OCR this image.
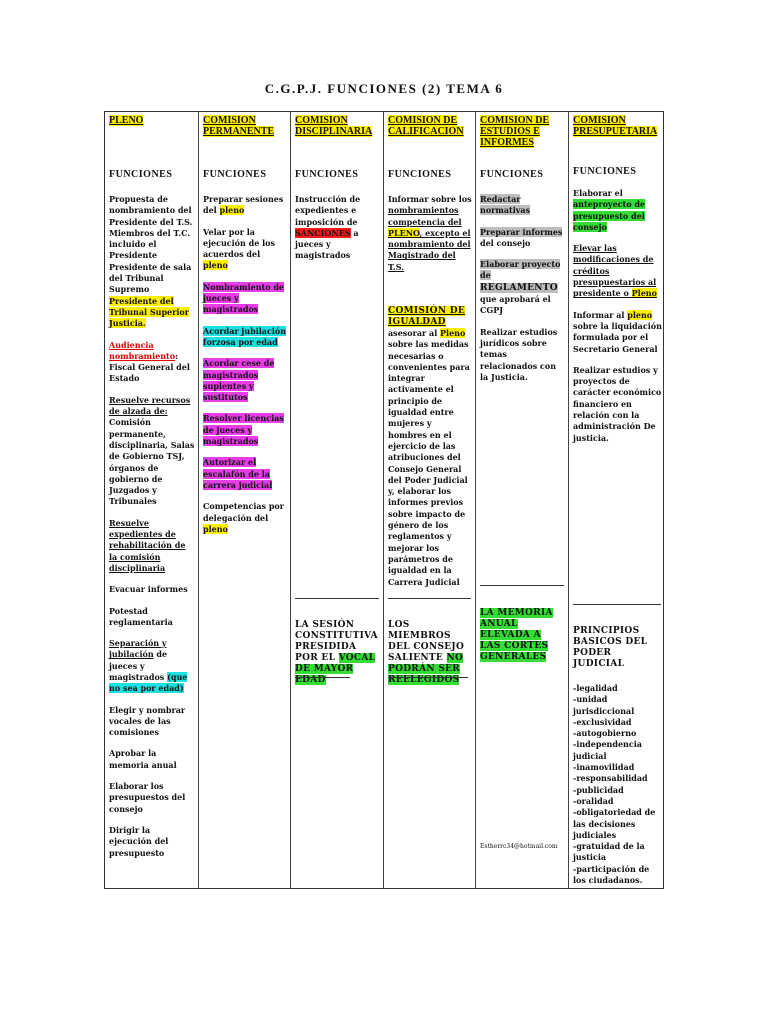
C.G.P.J. FUNCIONES (2) TEMA 6
PLENO
FUNCIONES

Propuesta de nombramiento del Presidente del T.S. Miembros del T.C. incluido el Presidente Presidente de sala del Tribunal Supremo
Presidente del Tribunal Superior Justicia.

Audiencia nombramiento: Fiscal General del Estado

Resuelve recursos de alzada de: Comisión permanente, disciplinaria, Salas de Gobierno TSJ, órganos de gobierno de Juzgados y Tribunales

Resuelve expedientes de rehabilitación de la comisión disciplinaria

Evacuar informes

Potestad reglamentaria

Separación y jubilación de jueces y magistrados (que no sea por edad)

Elegir y nombrar vocales de las comisiones

Aprobar la memoria anual

Elaborar los presupuestos del consejo

Dirigir la ejecución del presupuesto

COMISION PERMANENTE
FUNCIONES

Preparar sesiones del pleno

Velar por la ejecución de los acuerdos del pleno

Nombramiento de jueces y magistrados

Acordar jubilación forzosa por edad

Acordar cese de magistrados suplentes y sustitutos

Resolver licencias de jueces y magistrados

Autorizar el escalafón de la carrera judicial

Competencias por delegación del pleno

COMISION DISCIPLINARIA
FUNCIONES

Instrucción de expedientes e imposición de SANCIONES a jueces y magistrados

LA SESIÓN CONSTITUTIVA PRESIDIDA POR EL VOCAL DE MAYOR EDAD
COMISION DE CALIFICACION
FUNCIONES

Informar sobre los nombramientos competencia del PLENO, excepto el nombramiento del Magistrado del T.S.

COMISIÓN DE IGUALDAD
asesorar al Pleno sobre las medidas necesarias o convenientes para integrar activamente el principio de igualdad entre mujeres y hombres en el ejercicio de las atribuciones del Consejo General del Poder Judicial y, elaborar los informes previos sobre impacto de género de los reglamentos y mejorar los parámetros de igualdad en la Carrera Judicial
LOS MIEMBROS DEL CONSEJO SALIENTE NO PODRÁN SER REELEGIDOS
COMISION DE ESTUDIOS E INFORMES
FUNCIONES

Redactar normativas

Preparar informes del consejo

Elaborar proyecto de REGLAMENTO que aprobará el CGPJ

Realizar estudios jurídicos sobre temas relacionados con la Justicia.

LA MEMORIA ANUAL ELEVADA A LAS CORTES GENERALES
Estherrc34@hotmail.com
COMISION PRESUPUETARIA
FUNCIONES

Elaborar el anteproyecto de presupuesto del consejo

Elevar las modificaciones de créditos presupuestarios al presidente o Pleno

Informar al pleno sobre la liquidación formulada por el Secretario General

Realizar estudios y proyectos de carácter económico financiero en relación con la administración De justicia.

PRINCIPIOS BASICOS DEL PODER JUDICIAL
-legalidad
-unidad jurisdiccional
-exclusividad
-autogobierno
-independencia judicial
-inamovilidad
-responsabilidad
-publicidad
-oralidad
-obligatoriedad de las decisiones judiciales
-gratuidad de la justicia
-participación de los ciudadanos.
